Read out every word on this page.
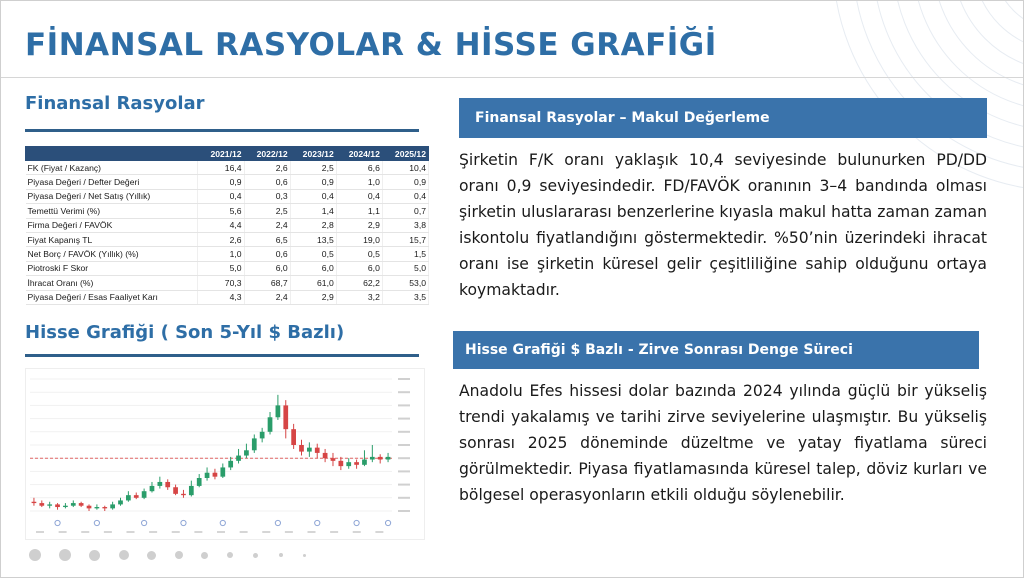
FİNANSAL RASYOLAR & HİSSE GRAFİĞİ
Finansal Rasyolar
	2021/12	2022/12	2023/12	2024/12	2025/12
FK (Fiyat / Kazanç)	16,4	2,6	2,5	6,6	10,4
Piyasa Değeri / Defter Değeri	0,9	0,6	0,9	1,0	0,9
Piyasa Değeri / Net Satış (Yıllık)	0,4	0,3	0,4	0,4	0,4
Temettü Verimi (%)	5,6	2,5	1,4	1,1	0,7
Firma Değeri / FAVÖK	4,4	2,4	2,8	2,9	3,8
Fiyat Kapanış TL	2,6	6,5	13,5	19,0	15,7
Net Borç / FAVÖK (Yıllık) (%)	1,0	0,6	0,5	0,5	1,5
Piotroski F Skor	5,0	6,0	6,0	6,0	5,0
İhracat Oranı (%)	70,3	68,7	61,0	62,2	53,0
Piyasa Değeri / Esas Faaliyet Karı	4,3	2,4	2,9	3,2	3,5
Hisse Grafiği ( Son 5-Yıl $ Bazlı)
Finansal Rasyolar – Makul Değerleme
Şirketin F/K oranı yaklaşık 10,4 seviyesinde bulunurken PD/DD oranı 0,9 seviyesindedir. FD/FAVÖK oranının 3–4 bandında olması şirketin uluslararası benzerlerine kıyasla makul hatta zaman zaman iskontolu fiyatlandığını göstermektedir. %50’nin üzerindeki ihracat oranı ise şirketin küresel gelir çeşitliliğine sahip olduğunu ortaya koymaktadır.
Hisse Grafiği $ Bazlı - Zirve Sonrası Denge Süreci
Anadolu Efes hissesi dolar bazında 2024 yılında güçlü bir yükseliş trendi yakalamış ve tarihi zirve seviyelerine ulaşmıştır. Bu yükseliş sonrası 2025 döneminde düzeltme ve yatay fiyatlama süreci görülmektedir. Piyasa fiyatlamasında küresel talep, döviz kurları ve bölgesel operasyonların etkili olduğu söylenebilir.
